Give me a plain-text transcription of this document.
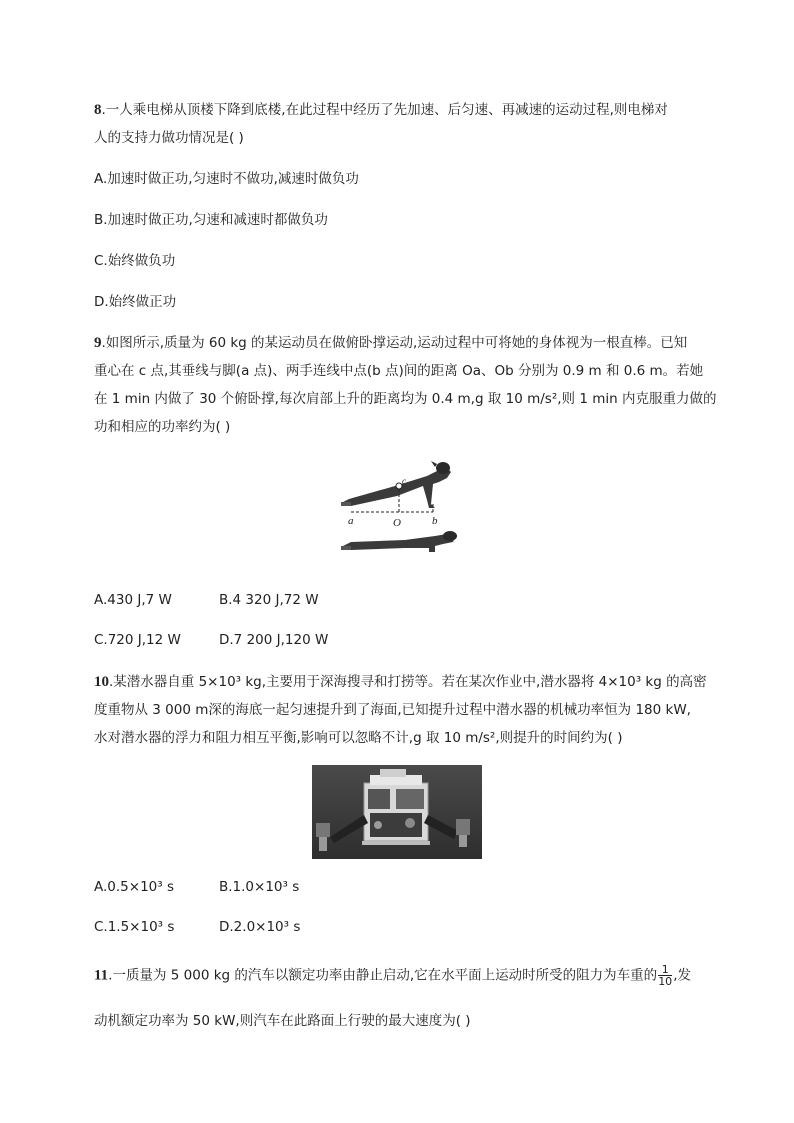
8.一人乘电梯从顶楼下降到底楼,在此过程中经历了先加速、后匀速、再减速的运动过程,则电梯对
人的支持力做功情况是( )
A.加速时做正功,匀速时不做功,减速时做负功
B.加速时做正功,匀速和减速时都做负功
C.始终做负功
D.始终做正功
9.如图所示,质量为 60 kg 的某运动员在做俯卧撑运动,运动过程中可将她的身体视为一根直棒。已知
重心在 c 点,其垂线与脚(a 点)、两手连线中点(b 点)间的距离 Oa、Ob 分别为 0.9 m 和 0.6 m。若她
在 1 min 内做了 30 个俯卧撑,每次肩部上升的距离均为 0.4 m,g 取 10 m/s²,则 1 min 内克服重力做的
功和相应的功率约为( )
a	O	b
c
A.430 J,7 W	B.4 320 J,72 W
C.720 J,12 W	D.7 200 J,120 W
10.某潜水器自重 5×10³ kg,主要用于深海搜寻和打捞等。若在某次作业中,潜水器将 4×10³ kg 的高密
度重物从 3 000 m深的海底一起匀速提升到了海面,已知提升过程中潜水器的机械功率恒为 180 kW,
水对潜水器的浮力和阻力相互平衡,影响可以忽略不计,g 取 10 m/s²,则提升的时间约为( )
A.0.5×10³ s	B.1.0×10³ s
C.1.5×10³ s	D.2.0×10³ s
11.一质量为 5 000 kg 的汽车以额定功率由静止启动,它在水平面上运动时所受的阻力为车重的 $\frac{1}{10}$ ,发
动机额定功率为 50 kW,则汽车在此路面上行驶的最大速度为( )
